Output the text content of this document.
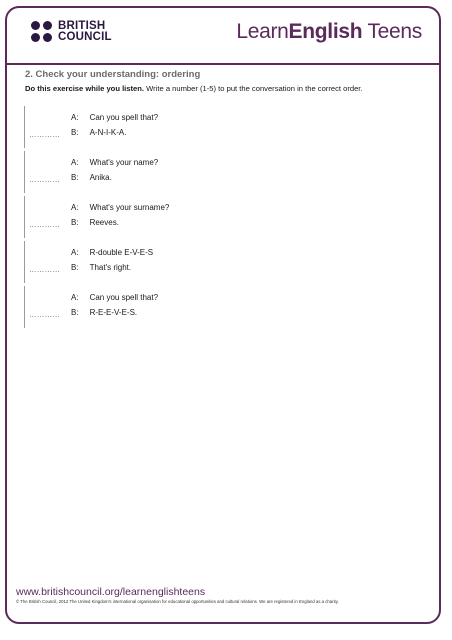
BRITISH
COUNCIL	LearnEnglish Teens
2. Check your understanding: ordering
Do this exercise while you listen. Write a number (1-5) to put the conversation in the correct order.
…………
A: Can you spell that?
B: A-N-I-K-A.
…………
A: What's your name?
B: Anika.
…………
A: What's your surname?
B: Reeves.
…………
A: R-double E-V-E-S
B: That's right.
…………
A: Can you spell that?
B: R-E-E-V-E-S.
www.britishcouncil.org/learnenglishteens
© The British Council, 2012 The United Kingdom's international organisation for educational opportunities and cultural relations. We are registered in England as a charity.
